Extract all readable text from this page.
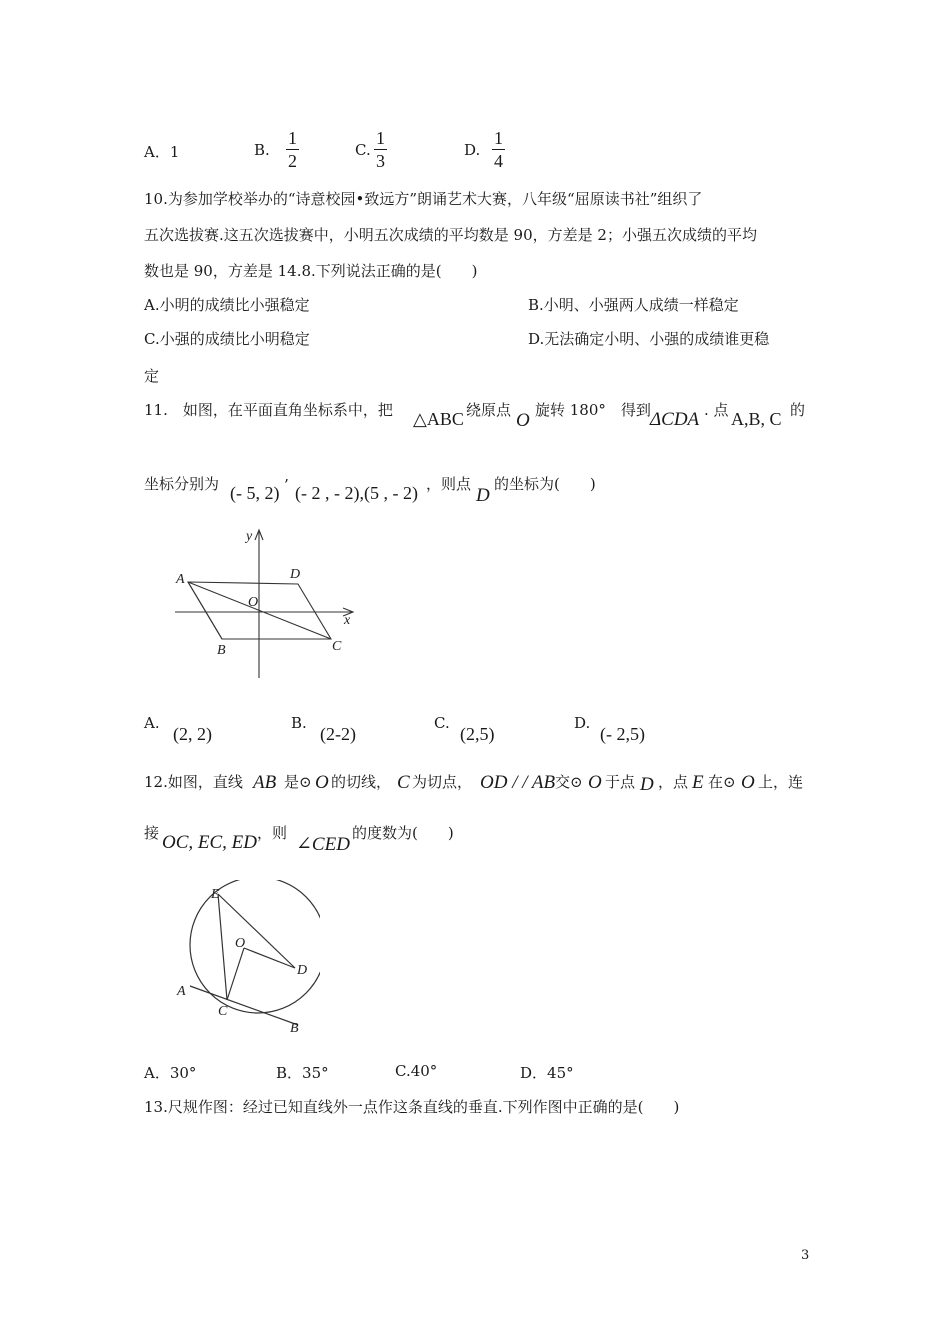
A．1	B.
1
2
C.
1
3
D.
1
4
10.为参加学校举办的“诗意校园•致远方”朗诵艺术大赛，八年级“屈原读书社”组织了
五次选拔赛.这五次选拔赛中，小明五次成绩的平均数是 90，方差是 2；小强五次成绩的平均
数也是 90，方差是 14.8.下列说法正确的是(　　)
A.小明的成绩比小强稳定	B.小明、小强两人成绩一样稳定
C.小强的成绩比小明稳定	D.无法确定小明、小强的成绩谁更稳
定
11.　如图，在平面直角坐标系中，把 △ABC 绕原点 O 旋转 180°　得到 ΔCDA . 点 A,B, C 的
坐标分别为 (- 5, 2) ’ (- 2 , - 2),(5 , - 2) ，则点
D
的坐标为(　　)
y
A	D
O
x
B	C
A.
(2, 2)
B.
(2-2)
C.
(2,5)
D.
(- 2,5)
12.如图，直线 AB 是⊙ O 的切线， C 为切点， OD / / AB 交⊙ O 于点 D ，点 E 在⊙ O 上，连
接 OC, EC, ED ，则
∠CED
的度数为(　　)
E
O
D
A
C
B
A．30°	B．35°	C.40°	D．45°
13.尺规作图：经过已知直线外一点作这条直线的垂直.下列作图中正确的是(　　)
3
